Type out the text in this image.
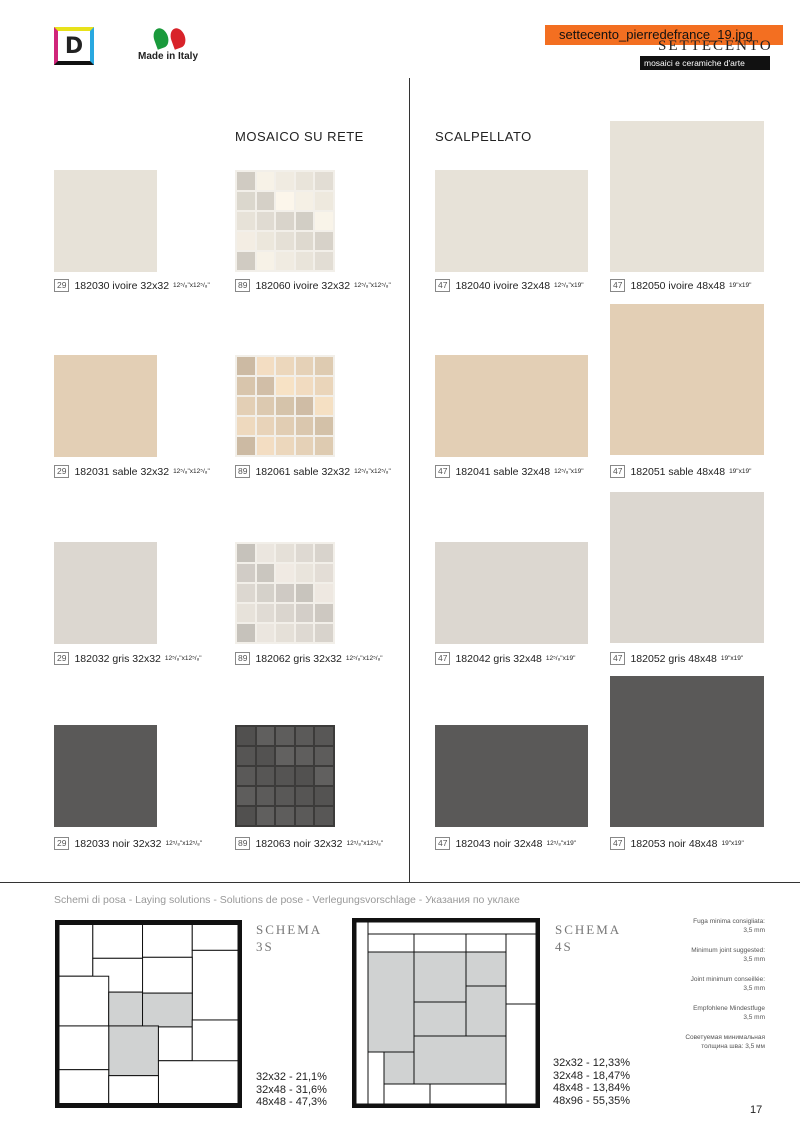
D	Made in Italy
settecento_pierredefrance_19.jpg
SETTECENTO
mosaici e ceramiche d'arte
MOSAICO SU RETE	SCALPELLATO
29 182030 ivoire 32x32 12⁵/₈"x12⁵/₈"	89 182060 ivoire 32x32 12⁵/₈"x12⁵/₈"	47 182040 ivoire 32x48 12⁵/₈"x19"	47 182050 ivoire 48x48 19"x19"
29 182031 sable 32x32 12⁵/₈"x12⁵/₈"	89 182061 sable 32x32 12⁵/₈"x12⁵/₈"	47 182041 sable 32x48 12⁵/₈"x19"	47 182051 sable 48x48 19"x19"
29 182032 gris 32x32 12⁵/₈"x12⁵/₈"	89 182062 gris 32x32 12⁵/₈"x12⁵/₈"	47 182042 gris 32x48 12⁵/₈"x19"	47 182052 gris 48x48 19"x19"
29 182033 noir 32x32 12⁵/₈"x12⁵/₈"	89 182063 noir 32x32 12⁵/₈"x12⁵/₈"	47 182043 noir 32x48 12⁵/₈"x19"	47 182053 noir 48x48 19"x19"
Schemi di posa - Laying solutions - Solutions de pose - Verlegungsvorschlage - Указания по уклаке
SCHEMA
3S
32x32 - 21,1%
32x48 - 31,6%
48x48 - 47,3%
SCHEMA
4S
32x32 - 12,33%
32x48 - 18,47%
48x48 - 13,84%
48x96 - 55,35%

Fuga minima consigliata:
3,5 mm

Minimum joint suggested:
3,5 mm

Joint minimum conseillée:
3,5 mm

Empfohlene Mindestfuge
3,5 mm

Советуемая минимальная
толщина шва: 3,5 мм

17
